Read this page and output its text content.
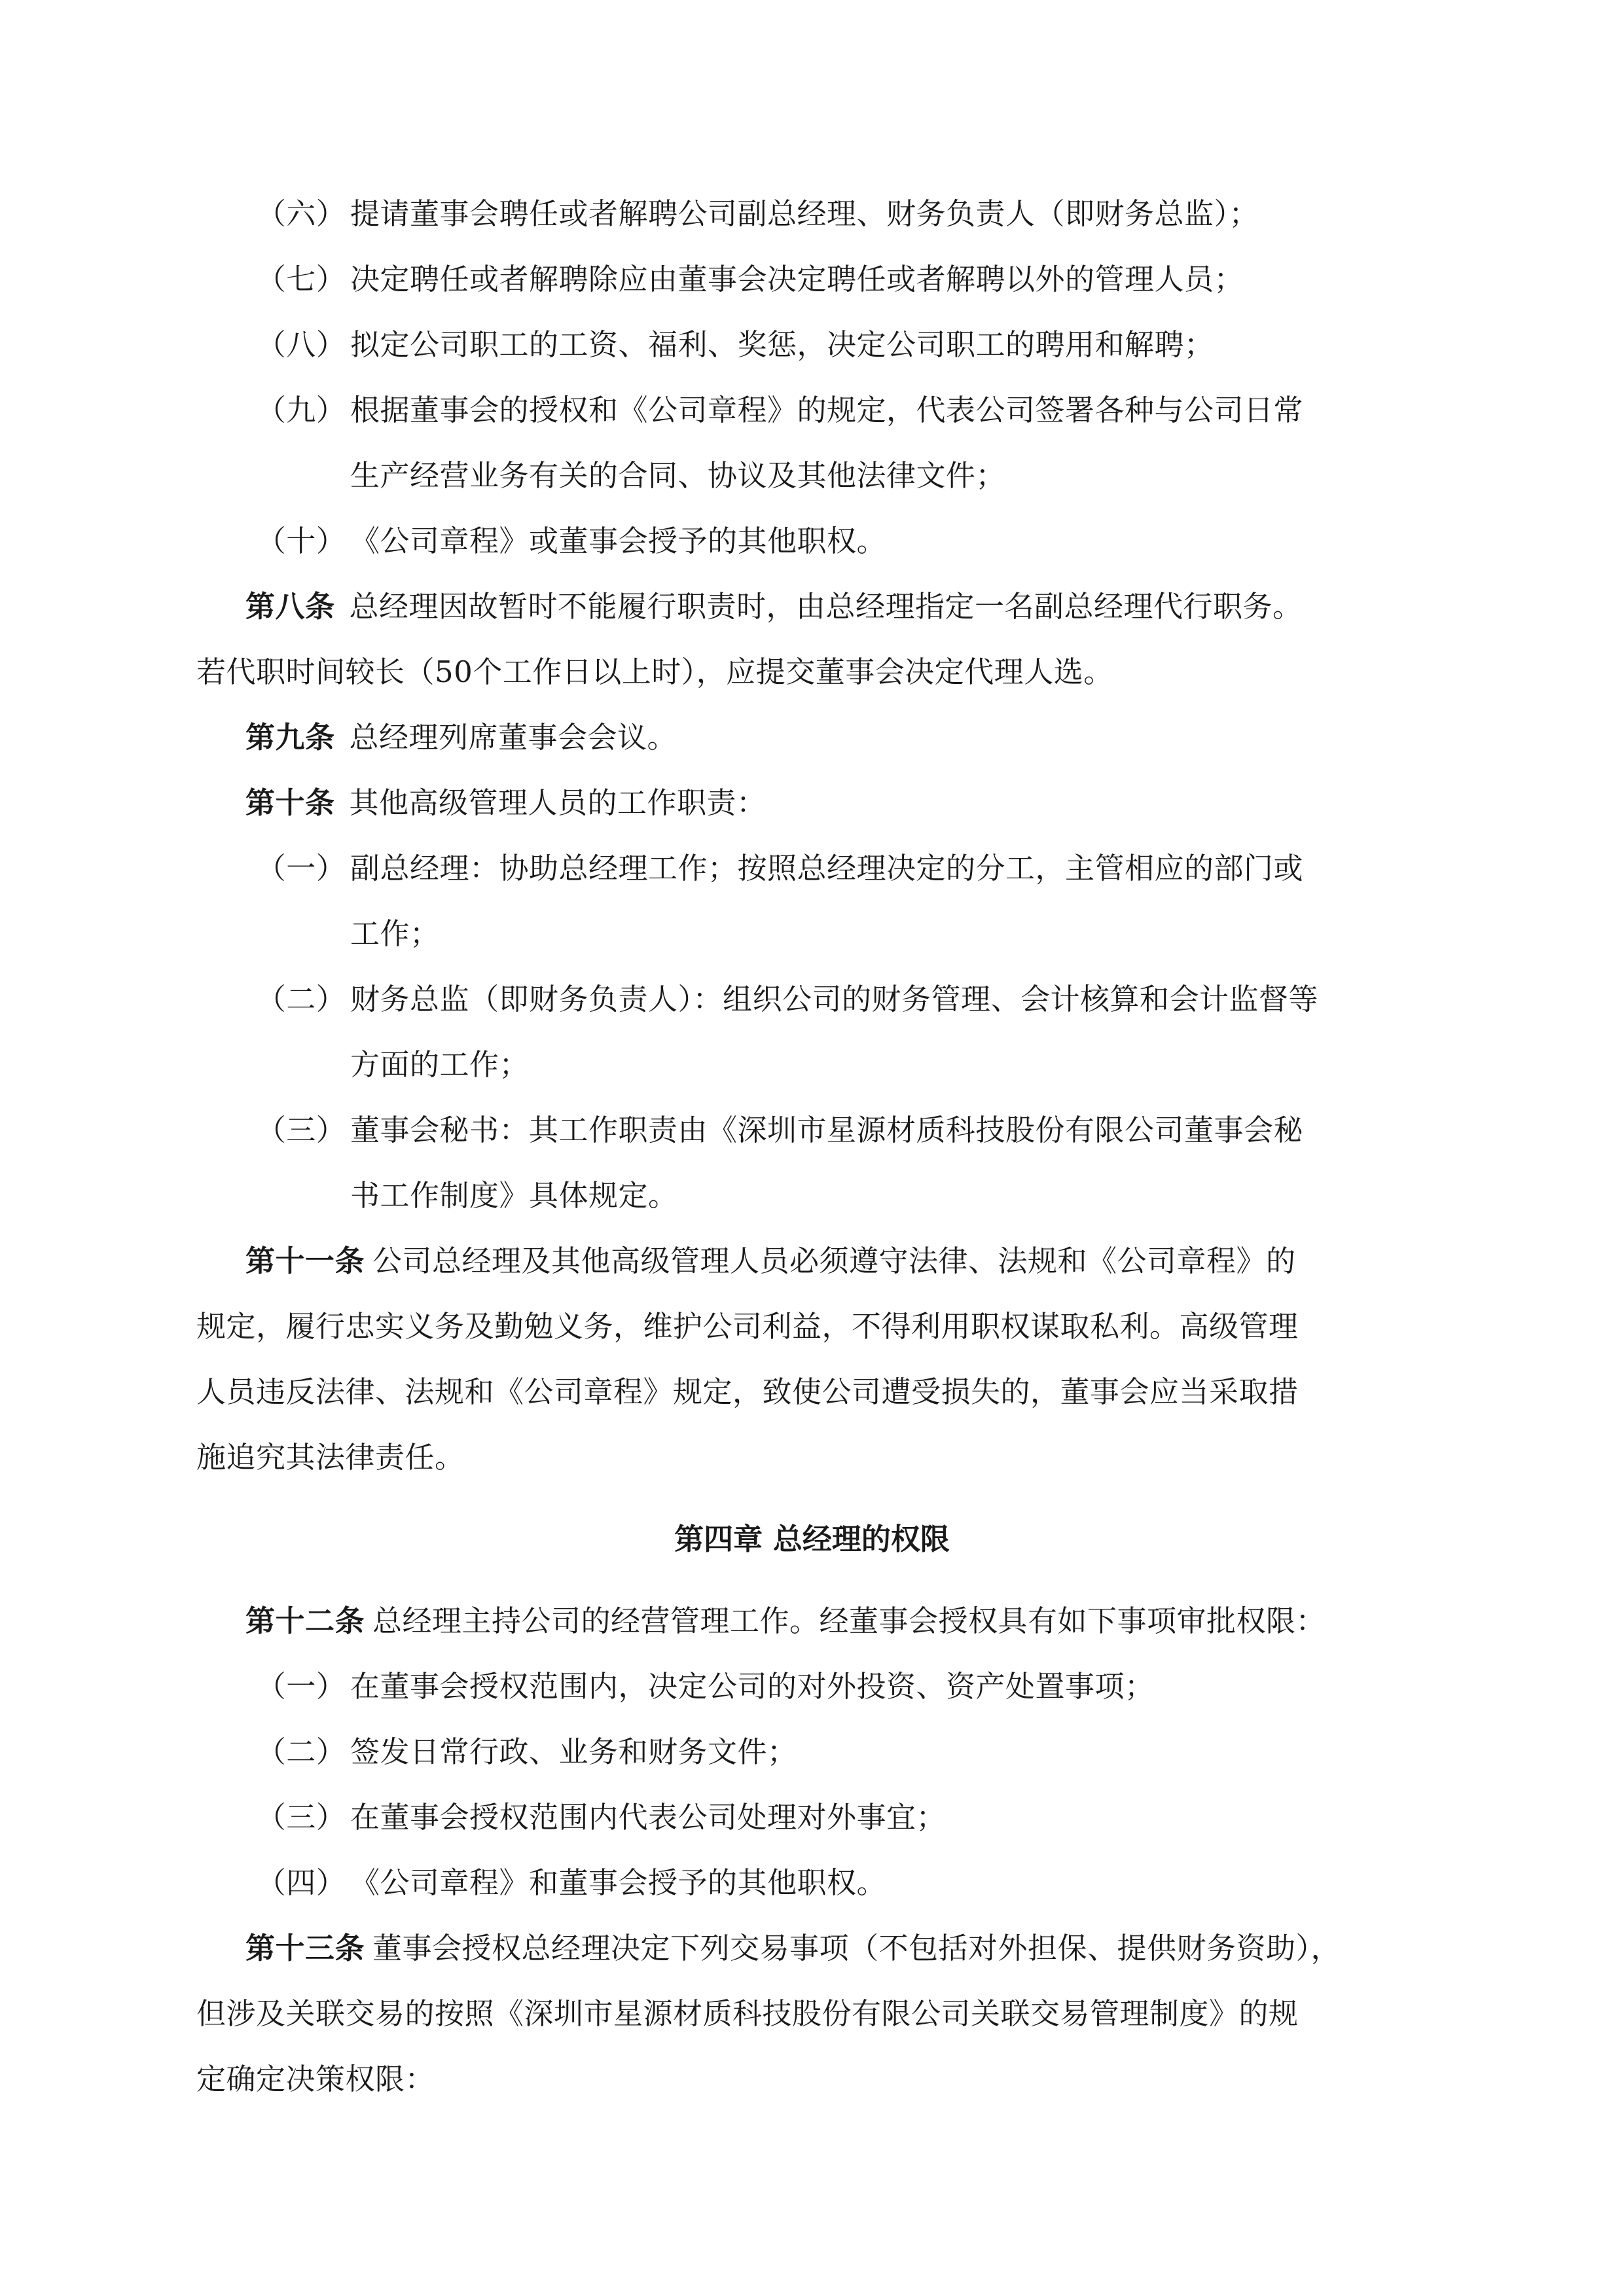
（六） 提请董事会聘任或者解聘公司副总经理、财务负责人（即财务总监）；
（七） 决定聘任或者解聘除应由董事会决定聘任或者解聘以外的管理人员；
（八） 拟定公司职工的工资、福利、奖惩，决定公司职工的聘用和解聘；
（九） 根据董事会的授权和《公司章程》的规定，代表公司签署各种与公司日常
生产经营业务有关的合同、协议及其他法律文件；
（十） 《公司章程》或董事会授予的其他职权。
第八条 总经理因故暂时不能履行职责时，由总经理指定一名副总经理代行职务。
若代职时间较长（50个工作日以上时），应提交董事会决定代理人选。
第九条 总经理列席董事会会议。
第十条 其他高级管理人员的工作职责：
（一） 副总经理：协助总经理工作；按照总经理决定的分工，主管相应的部门或
工作；
（二） 财务总监（即财务负责人）：组织公司的财务管理、会计核算和会计监督等
方面的工作；
（三） 董事会秘书：其工作职责由《深圳市星源材质科技股份有限公司董事会秘
书工作制度》具体规定。
第十一条 公司总经理及其他高级管理人员必须遵守法律、法规和《公司章程》的
规定，履行忠实义务及勤勉义务，维护公司利益，不得利用职权谋取私利。高级管理
人员违反法律、法规和《公司章程》规定，致使公司遭受损失的，董事会应当采取措
施追究其法律责任。
第四章 总经理的权限
第十二条 总经理主持公司的经营管理工作。经董事会授权具有如下事项审批权限：
（一） 在董事会授权范围内，决定公司的对外投资、资产处置事项；
（二） 签发日常行政、业务和财务文件；
（三） 在董事会授权范围内代表公司处理对外事宜；
（四） 《公司章程》和董事会授予的其他职权。
第十三条 董事会授权总经理决定下列交易事项（不包括对外担保、提供财务资助），
但涉及关联交易的按照《深圳市星源材质科技股份有限公司关联交易管理制度》的规
定确定决策权限：
